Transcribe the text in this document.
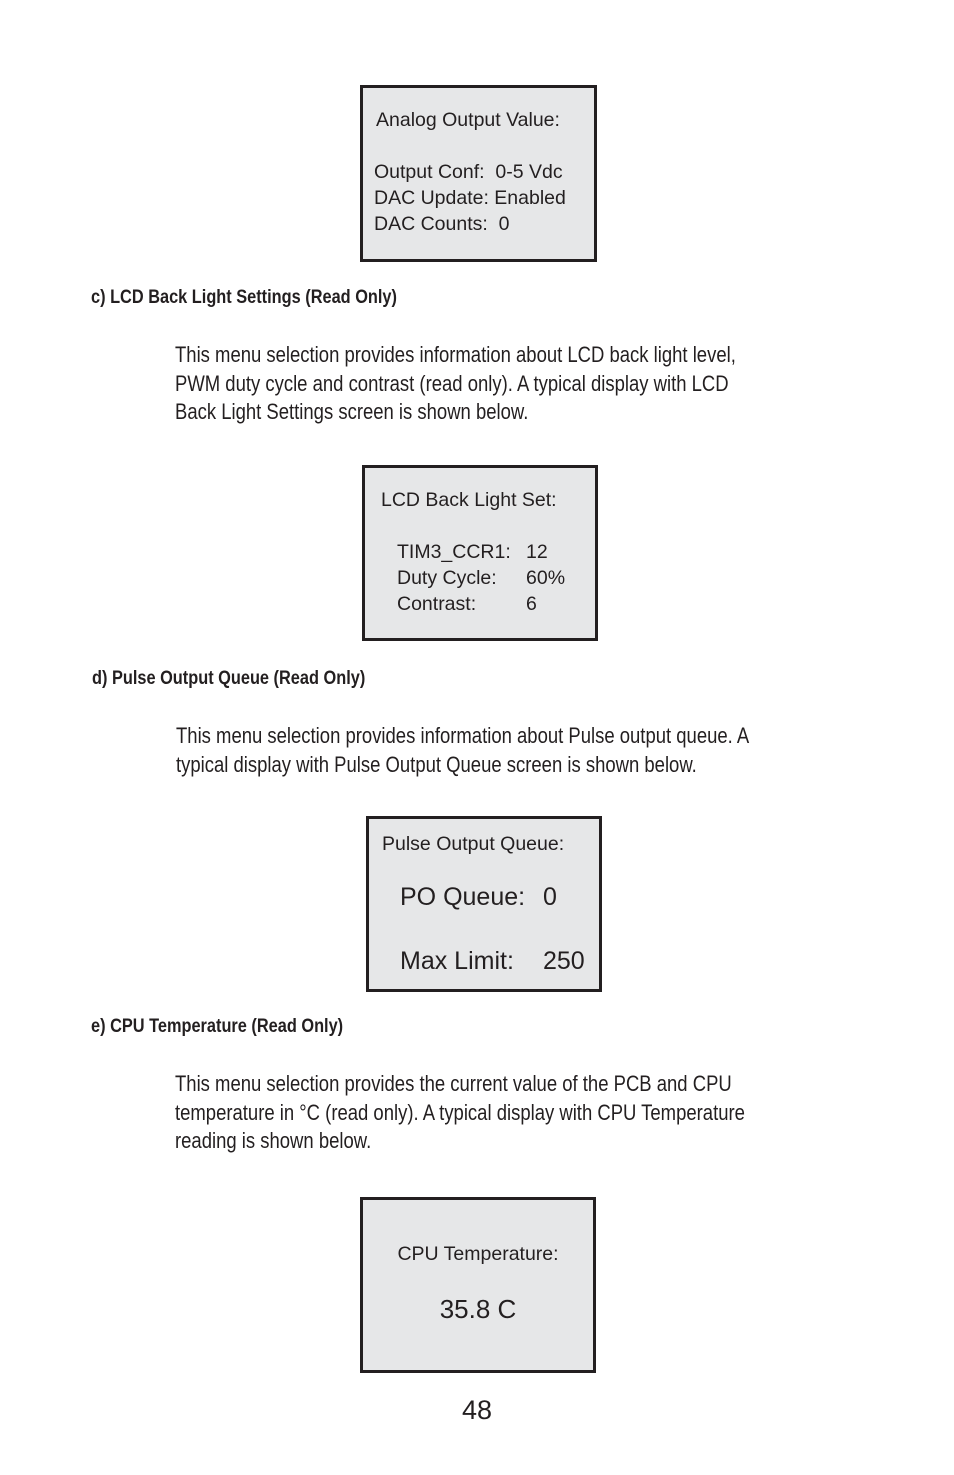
Analog Output Value:
Output Conf:  0-5 Vdc
DAC Update: Enabled
DAC Counts:  0
c) LCD Back Light Settings (Read Only)
This menu selection provides information about LCD back light level,
PWM duty cycle and contrast (read only). A typical display with LCD
Back Light Settings screen is shown below.
LCD Back Light Set:
TIM3_CCR1: 12
Duty Cycle: 60%
Contrast:	6
d) Pulse Output Queue (Read Only)
This menu selection provides information about Pulse output queue. A
typical display with Pulse Output Queue screen is shown below.
Pulse Output Queue:
PO Queue: 0
Max Limit: 250
e) CPU Temperature (Read Only)
This menu selection provides the current value of the PCB and CPU
temperature in °C (read only). A typical display with CPU Temperature
reading is shown below.
CPU Temperature:
35.8 C
48
